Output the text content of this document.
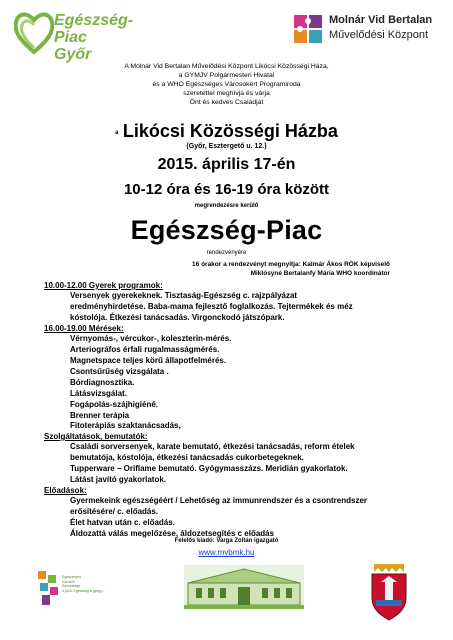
Egészség-Piac
Győr
Molnár Vid Bertalan
Művelődési Központ
A Molnár Vid Bertalan Művelődési Központ Likócsi Közösségi Háza,
a GYMJV Polgármesteri Hivatal
és a WHO Egészséges Városokért Programiroda
szeretettel meghívja és várja
Önt és kedves Családját
a Likócsi Közösségi Házba
(Győr, Esztergető u. 12.)
2015. április 17-én
10-12 óra és 16-19 óra között
megrendezésre kerülő
Egészség-Piac
rendezvényére
16 órakor a rendezvényt megnyitja: Kalmár Ákos RÖK képviselő
Miklósyné Bertalanfy Mária WHO koordinátor
10.00-12.00 Gyerek programok:
Versenyek gyerekeknek. Tisztaság-Egészség c. rajzpályázat
eredményhirdetése. Baba-mama fejlesztő foglalkozás. Tejtermékek és méz
kóstolója. Étkezési tanácsadás. Virgonckodó játszópark.
16.00-19.00 Mérések:
Vérnyomás-, vércukor-, koleszterin-mérés.
Arteriográfos érfali rugalmasságmérés.
Magnetspace teljes körű állapotfelmérés.
Csontsűrűség vizsgálata .
Bórdiagnosztika.
Látásvizsgálat.
Fogápolás-szájhigiéné.
Brenner terápia
Fitoterápiás szaktanácsadás,
Szolgáltatások, bemutatók:
Családi sorversenyek, karate bemutató, étkezési tanácsadás, reform ételek
bemutatója, kóstolója, étkezési tanácsadás cukorbetegeknek.
Tupperware – Oriflame bemutató. Gyógymasszázs. Meridián gyakorlatok.
Látást javító gyakorlatok.
Előadások:
Gyermekeink egészségéért / Lehetőség az immunrendszer és a csontrendszer
erősítésére/ c. előadás.
Élet hatvan után c. előadás.
Áldozattá válás megelőzése, áldozetsegítés c előadás
Felelős kiadó: Varga Zoltán igazgató
www.mvbmk.hu
Egészséges
Városok
Szövetsége
A jövő: Egészség a gyógy...
